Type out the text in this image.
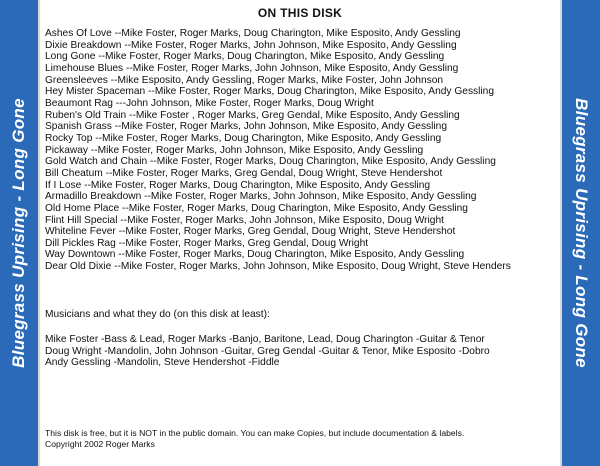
Bluegrass Uprising - Long Gone
ON THIS DISK
Ashes Of Love --Mike Foster, Roger Marks, Doug Charington, Mike Esposito, Andy Gessling
Dixie Breakdown --Mike Foster, Roger Marks, John Johnson, Mike Esposito, Andy Gessling
Long Gone --Mike Foster, Roger Marks, Doug Charington, Mike Esposito, Andy Gessling
Limehouse Blues --Mike Foster, Roger Marks, John Johnson, Mike Esposito, Andy Gessling
Greensleeves --Mike Esposito, Andy Gessling, Roger Marks, Mike Foster, John Johnson
Hey Mister Spaceman --Mike Foster, Roger Marks, Doug Charington, Mike Esposito, Andy Gessling
Beaumont Rag ---John Johnson, Mike Foster, Roger Marks, Doug Wright
Ruben's Old Train --Mike Foster , Roger Marks, Greg Gendal, Mike Esposito, Andy Gessling
Spanish Grass --Mike Foster, Roger Marks, John Johnson, Mike Esposito, Andy Gessling
Rocky Top --Mike Foster, Roger Marks, Doug Charington, Mike Esposito, Andy Gessling
Pickaway --Mike Foster, Roger Marks, John Johnson, Mike Esposito, Andy Gessling
Gold Watch and Chain --Mike Foster, Roger Marks, Doug Charington, Mike Esposito, Andy Gessling
Bill Cheatum --Mike Foster, Roger Marks, Greg Gendal, Doug Wright, Steve Hendershot
If I Lose --Mike Foster, Roger Marks, Doug Charington, Mike Esposito, Andy Gessling
Armadillo Breakdown --Mike Foster, Roger Marks, John Johnson, Mike Esposito, Andy Gessling
Old Home Place --Mike Foster, Roger Marks, Doug Charington, Mike Esposito, Andy Gessling
Flint Hill Special --Mike Foster, Roger Marks, John Johnson, Mike Esposito, Doug Wright
Whiteline Fever --Mike Foster, Roger Marks, Greg Gendal, Doug Wright, Steve Hendershot
Dill Pickles Rag --Mike Foster, Roger Marks, Greg Gendal, Doug Wright
Way Downtown --Mike Foster, Roger Marks, Doug Charington, Mike Esposito, Andy Gessling
Dear Old Dixie --Mike Foster, Roger Marks, John Johnson, Mike Esposito, Doug Wright, Steve Henders
Musicians and what they do (on this disk at least):
Mike Foster -Bass & Lead, Roger Marks -Banjo, Baritone, Lead, Doug Charington -Guitar & Tenor
Doug Wright -Mandolin, John Johnson -Guitar, Greg Gendal -Guitar & Tenor, Mike Esposito -Dobro
Andy Gessling -Mandolin, Steve Hendershot -Fiddle
This disk is free, but it is NOT in the public domain. You can make Copies, but include documentation & labels.
Copyright 2002 Roger Marks
Bluegrass Uprising - Long Gone
